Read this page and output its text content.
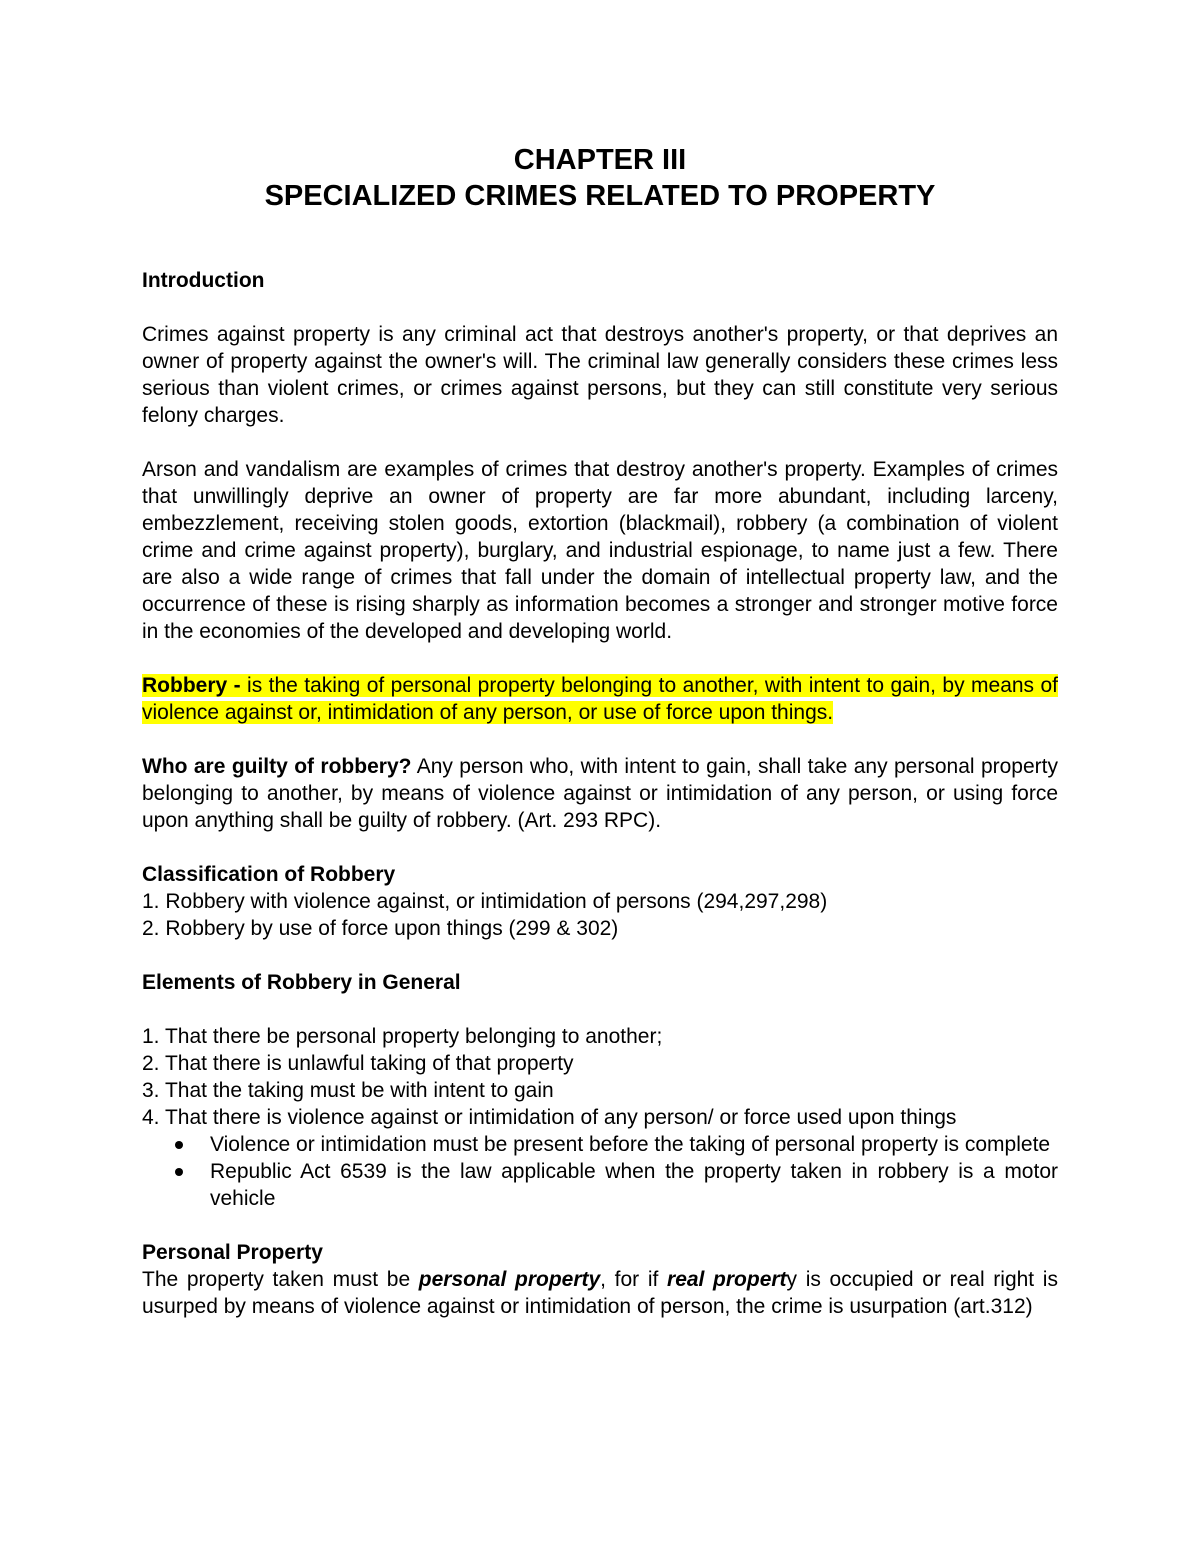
CHAPTER III
SPECIALIZED CRIMES RELATED TO PROPERTY

Introduction

Crimes against property is any criminal act that destroys another's property, or that deprives an owner of property against the owner's will. The criminal law generally considers these crimes less serious than violent crimes, or crimes against persons, but they can still constitute very serious felony charges.

Arson and vandalism are examples of crimes that destroy another's property. Examples of crimes that unwillingly deprive an owner of property are far more abundant, including larceny, embezzlement, receiving stolen goods, extortion (blackmail), robbery (a combination of violent crime and crime against property), burglary, and industrial espionage, to name just a few. There are also a wide range of crimes that fall under the domain of intellectual property law, and the occurrence of these is rising sharply as information becomes a stronger and stronger motive force in the economies of the developed and developing world.

Robbery - is the taking of personal property belonging to another, with intent to gain, by means of violence against or, intimidation of any person, or use of force upon things.

Who are guilty of robbery? Any person who, with intent to gain, shall take any personal property belonging to another, by means of violence against or intimidation of any person, or using force upon anything shall be guilty of robbery. (Art. 293 RPC).

Classification of Robbery

1. Robbery with violence against, or intimidation of persons (294,297,298)
2. Robbery by use of force upon things (299 & 302)

Elements of Robbery in General

1. That there be personal property belonging to another;
2. That there is unlawful taking of that property
3. That the taking must be with intent to gain
4. That there is violence against or intimidation of any person/ or force used upon things
Violence or intimidation must be present before the taking of personal property is complete
Republic Act 6539 is the law applicable when the property taken in robbery is a motor vehicle

Personal Property

The property taken must be personal property, for if real property is occupied or real right is usurped by means of violence against or intimidation of person, the crime is usurpation (art.312)
